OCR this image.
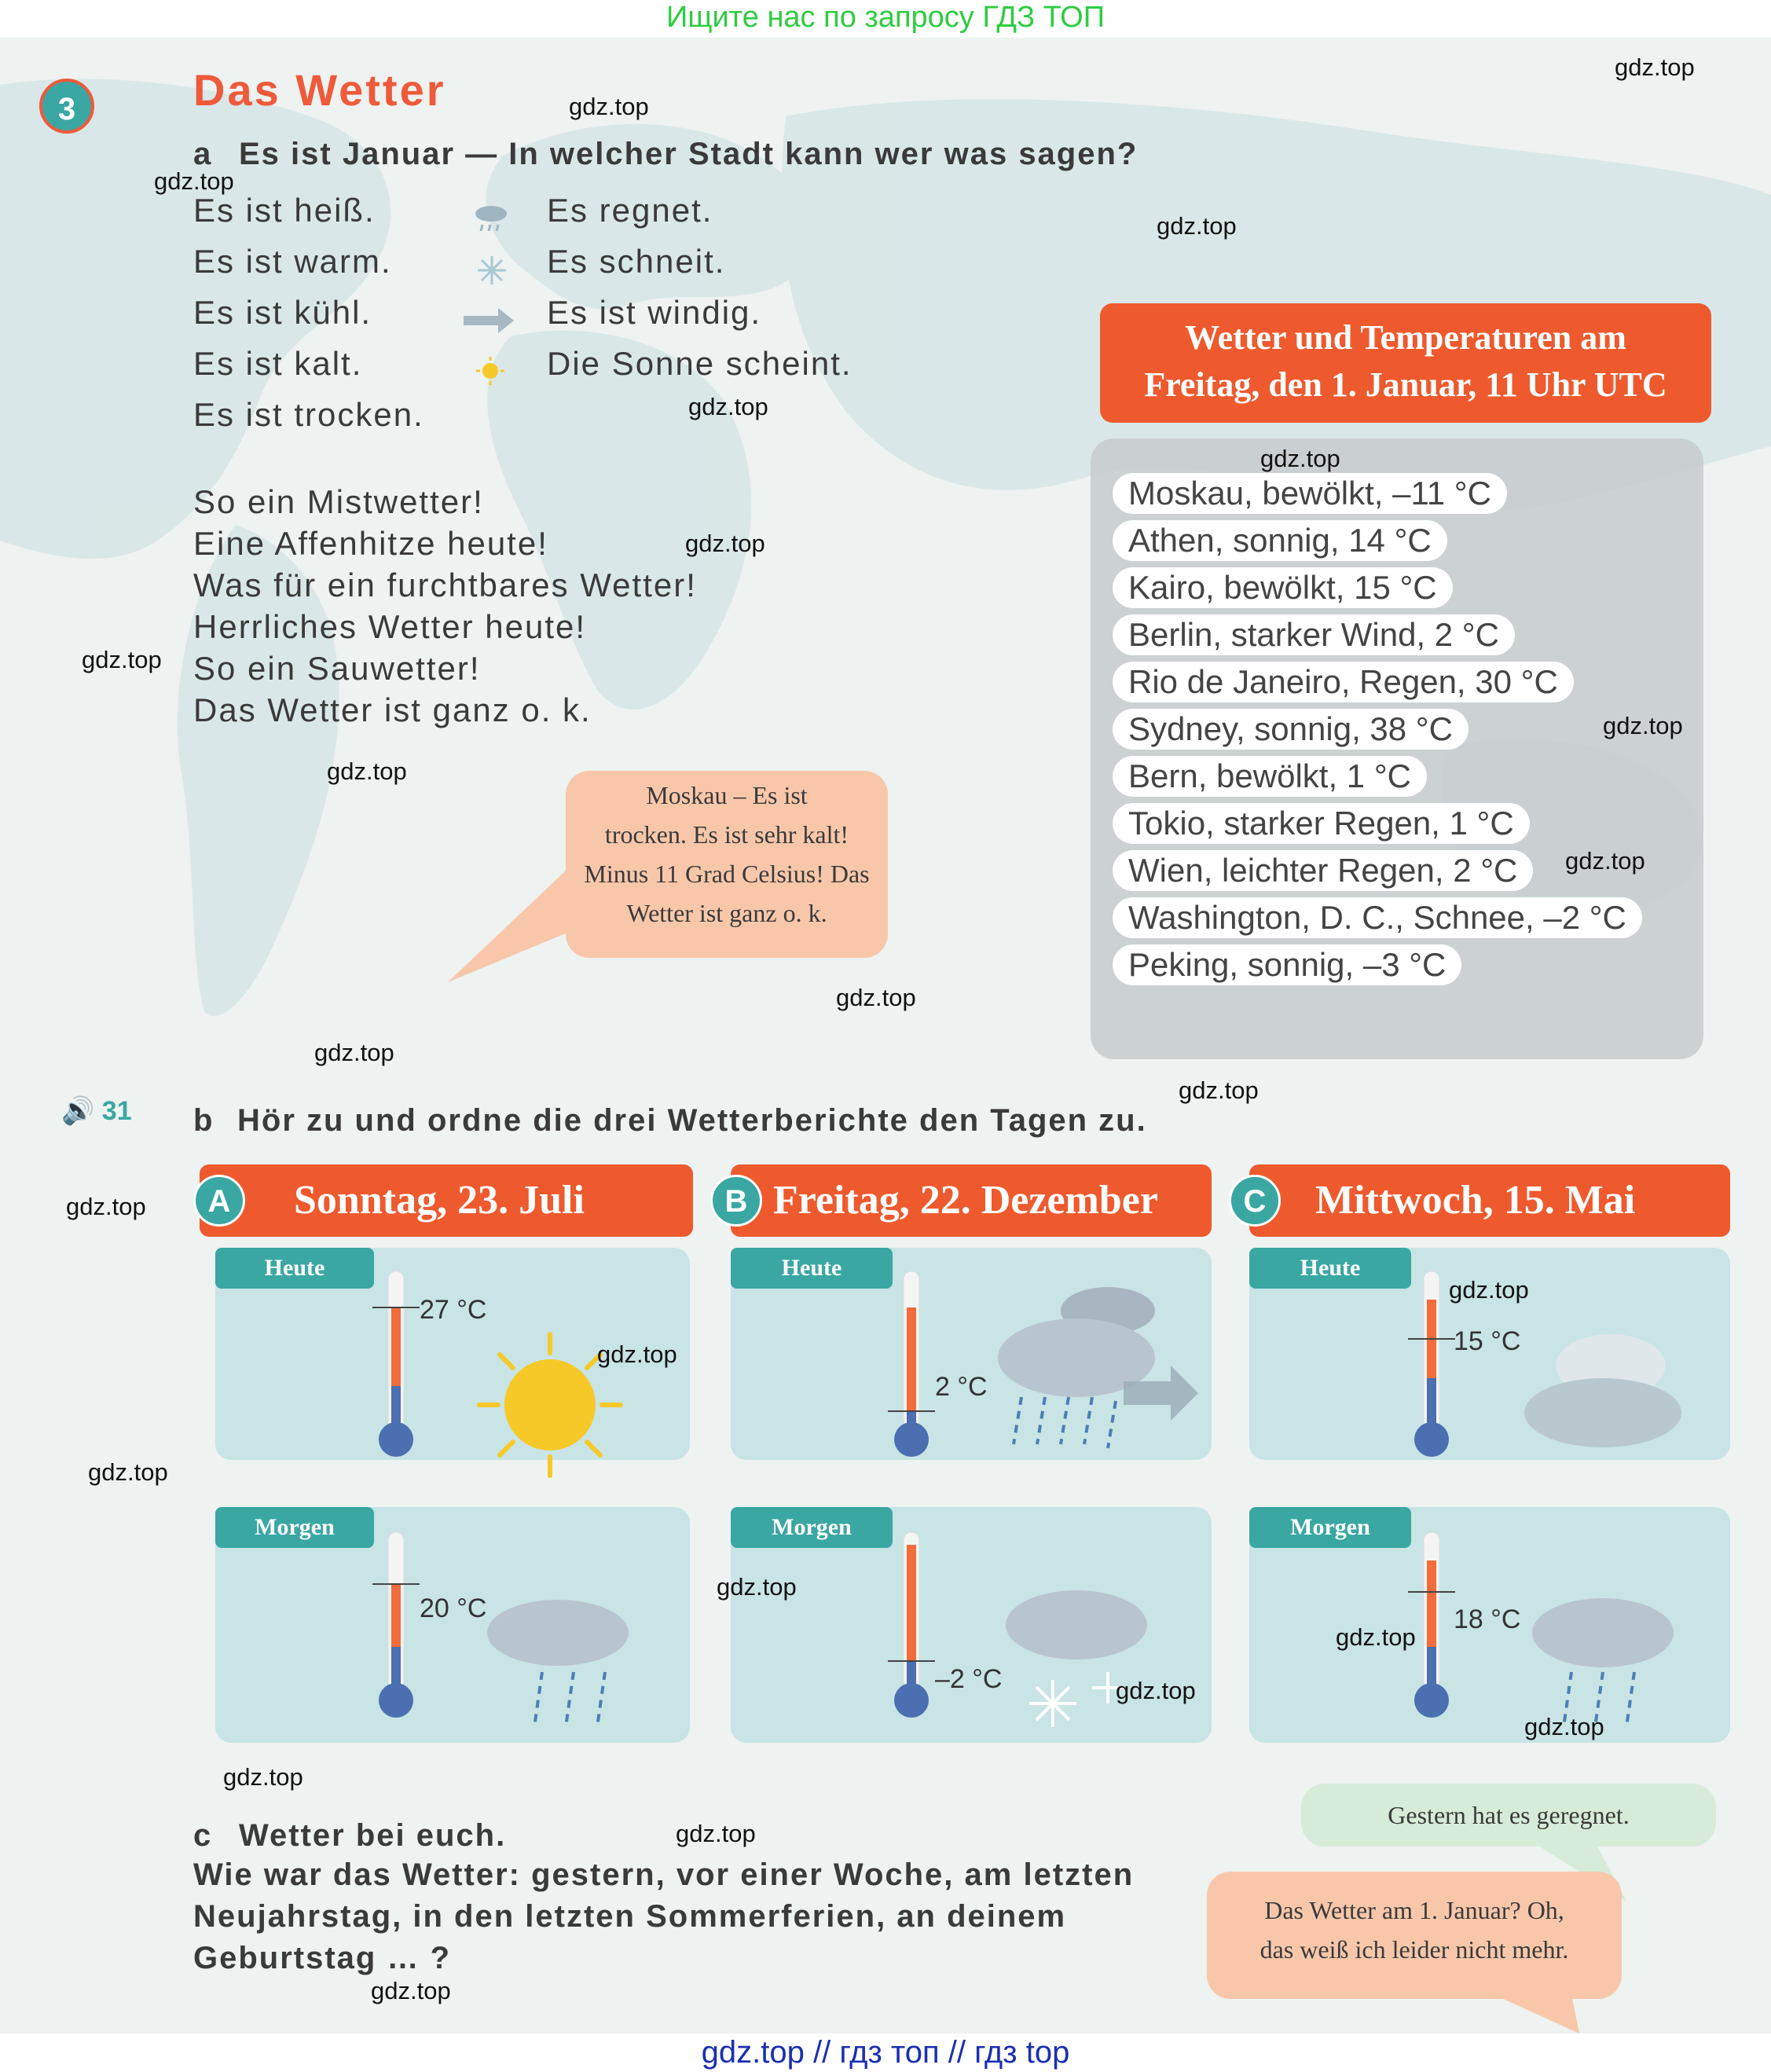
Ищите нас по запросу ГДЗ ТОП
3	Das Wetter
a Es ist Januar — In welcher Stadt kann wer was sagen?
Es ist heiß.
Es ist warm.
Es ist kühl.
Es ist kalt.
Es ist trocken.
Es regnet.
Es schneit.
Es ist windig.
Die Sonne scheint.
So ein Mistwetter!
Eine Affenhitze heute!
Was für ein furchtbares Wetter!
Herrliches Wetter heute!
So ein Sauwetter!
Das Wetter ist ganz o. k.
Moskau – Es ist
trocken. Es ist sehr kalt!
Minus 11 Grad Celsius! Das
Wetter ist ganz o. k.
Wetter und Temperaturen am
Freitag, den 1. Januar, 11 Uhr UTC
Moskau, bewölkt, –11 °C
Athen, sonnig, 14 °C
Kairo, bewölkt, 15 °C
Berlin, starker Wind, 2 °C
Rio de Janeiro, Regen, 30 °C
Sydney, sonnig, 38 °C
Bern, bewölkt, 1 °C
Tokio, starker Regen, 1 °C
Wien, leichter Regen, 2 °C
Washington, D. C., Schnee, –2 °C
Peking, sonnig, –3 °C
🔊 31 b Hör zu und ordne die drei Wetterberichte den Tagen zu.
Sonntag, 23. Juli
A	Freitag, 22. Dezember
B	Mittwoch, 15. Mai
C
Heute
27 °C
Heute
2 °C
Heute
15 °C
Morgen
20 °C
Morgen
–2 °C
Morgen
18 °C
c Wetter bei euch.
Wie war das Wetter: gestern, vor einer Woche, am letzten
Neujahrstag, in den letzten Sommerferien, an deinem
Geburtstag … ?
Gestern hat es geregnet.
Das Wetter am 1. Januar? Oh,
das weiß ich leider nicht mehr.
gdz.top
gdz.top
gdz.top
gdz.top
gdz.top
gdz.top
gdz.top
gdz.top
gdz.top
gdz.top
gdz.top
gdz.top
gdz.top
gdz.top
gdz.top
gdz.top
gdz.top
gdz.top
gdz.top
gdz.top
gdz.top
gdz.top
gdz.top
gdz.top
gdz.top
gdz.top // гдз топ // гдз top
